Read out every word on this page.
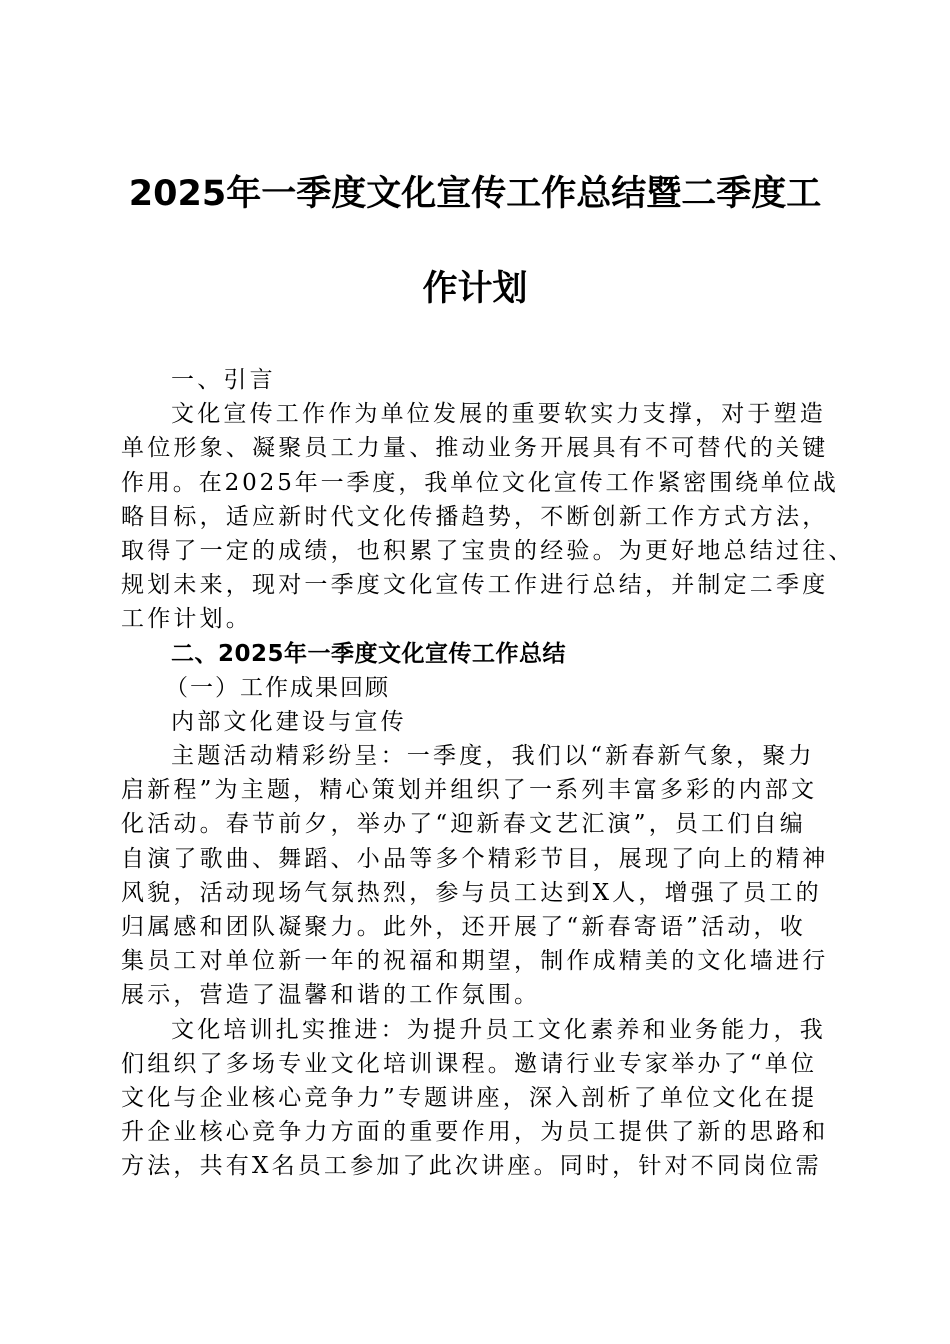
2025年一季度文化宣传工作总结暨二季度工
作计划
一、引言
文化宣传工作作为单位发展的重要软实力支撑，对于塑造
单位形象、凝聚员工力量、推动业务开展具有不可替代的关键
作用。在2025年一季度，我单位文化宣传工作紧密围绕单位战
略目标，适应新时代文化传播趋势，不断创新工作方式方法，
取得了一定的成绩，也积累了宝贵的经验。为更好地总结过往、
规划未来，现对一季度文化宣传工作进行总结，并制定二季度
工作计划。
二、2025年一季度文化宣传工作总结
（一）工作成果回顾
内部文化建设与宣传
主题活动精彩纷呈：一季度，我们以“新春新气象，聚力
启新程”为主题，精心策划并组织了一系列丰富多彩的内部文
化活动。春节前夕，举办了“迎新春文艺汇演”，员工们自编
自演了歌曲、舞蹈、小品等多个精彩节目，展现了向上的精神
风貌，活动现场气氛热烈，参与员工达到X人，增强了员工的
归属感和团队凝聚力。此外，还开展了“新春寄语”活动，收
集员工对单位新一年的祝福和期望，制作成精美的文化墙进行
展示，营造了温馨和谐的工作氛围。
文化培训扎实推进：为提升员工文化素养和业务能力，我
们组织了多场专业文化培训课程。邀请行业专家举办了“单位
文化与企业核心竞争力”专题讲座，深入剖析了单位文化在提
升企业核心竞争力方面的重要作用，为员工提供了新的思路和
方法，共有X名员工参加了此次讲座。同时，针对不同岗位需
